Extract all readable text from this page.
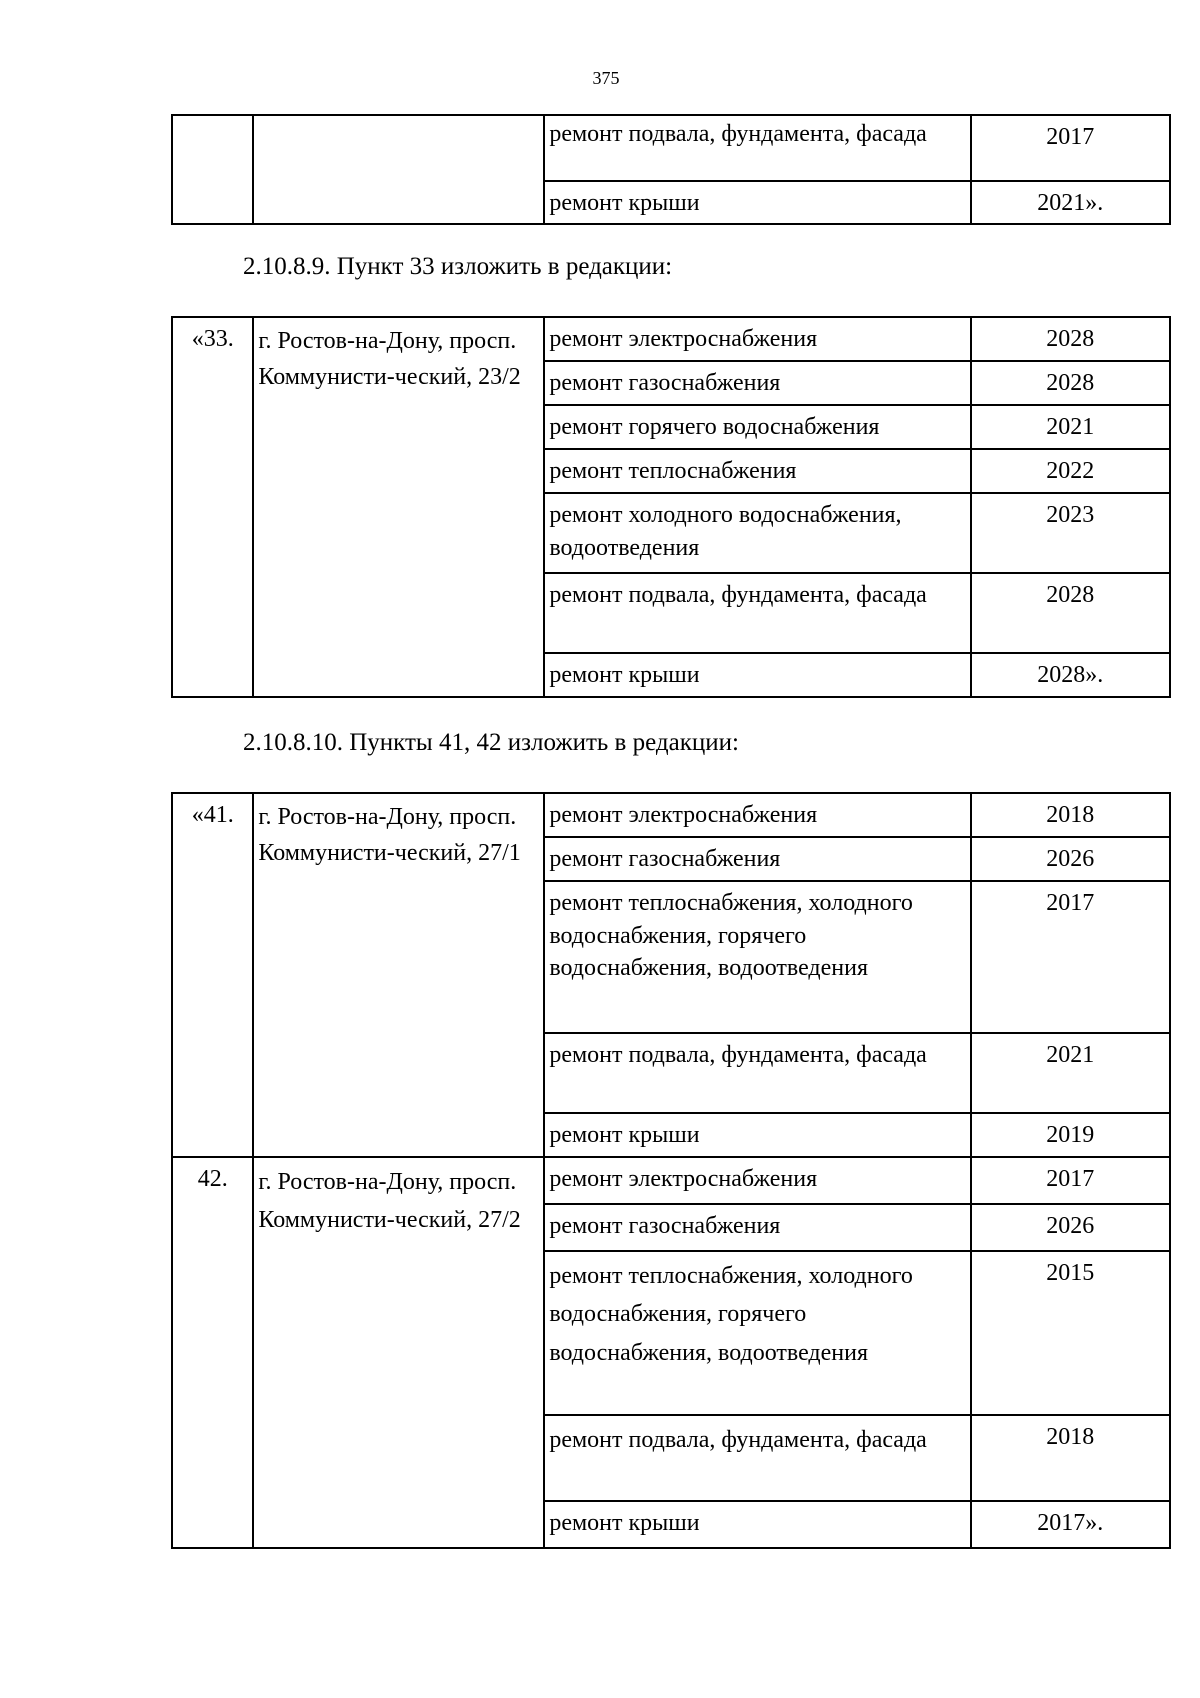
375
		ремонт подвала, фундамента, фасада	2017
		ремонт крыши	2021».
2.10.8.9. Пункт 33 изложить в редакции:
«33.	г. Ростов-на-Дону, просп. Коммунисти-ческий, 23/2	ремонт электроснабжения	2028
		ремонт газоснабжения	2028
		ремонт горячего водоснабжения	2021
		ремонт теплоснабжения	2022
		ремонт холодного водоснабжения, водоотведения	2023
		ремонт подвала, фундамента, фасада	2028
		ремонт крыши	2028».
2.10.8.10. Пункты 41, 42 изложить в редакции:
«41.	г. Ростов-на-Дону, просп. Коммунисти-ческий, 27/1	ремонт электроснабжения	2018
		ремонт газоснабжения	2026
		ремонт теплоснабжения, холодного водоснабжения, горячего водоснабжения, водоотведения	2017
		ремонт подвала, фундамента, фасада	2021
		ремонт крыши	2019
42.	г. Ростов-на-Дону, просп. Коммунисти-ческий, 27/2	ремонт электроснабжения	2017
		ремонт газоснабжения	2026
		ремонт теплоснабжения, холодного водоснабжения, горячего водоснабжения, водоотведения	2015
		ремонт подвала, фундамента, фасада	2018
		ремонт крыши	2017».
